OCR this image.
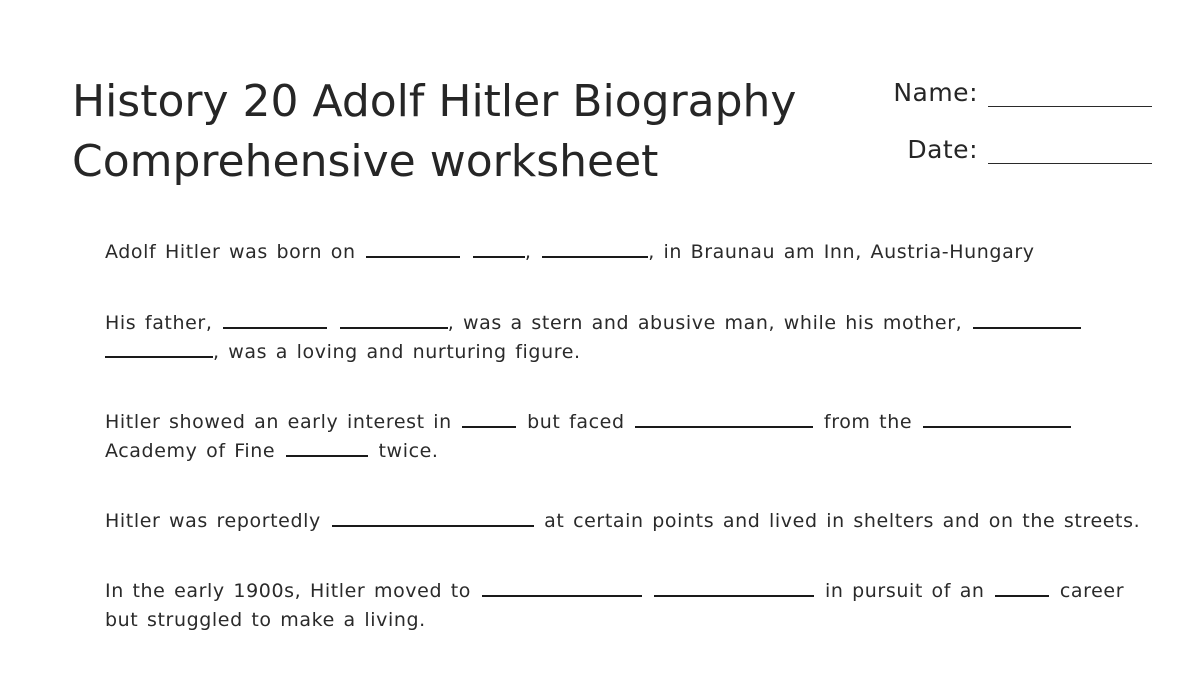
History 20 Adolf Hitler Biography
Comprehensive worksheet
Name:
Date:

Adolf Hitler was born on	,	, in Braunau am Inn, Austria-Hungary

His father,	, was a stern and abusive man, while his mother,
, was a loving and nurturing figure.

Hitler showed an early interest in	but faced	from the
Academy of Fine	twice.

Hitler was reportedly	at certain points and lived in shelters and on the streets.

In the early 1900s, Hitler moved to	in pursuit of an	career
but struggled to make a living.
